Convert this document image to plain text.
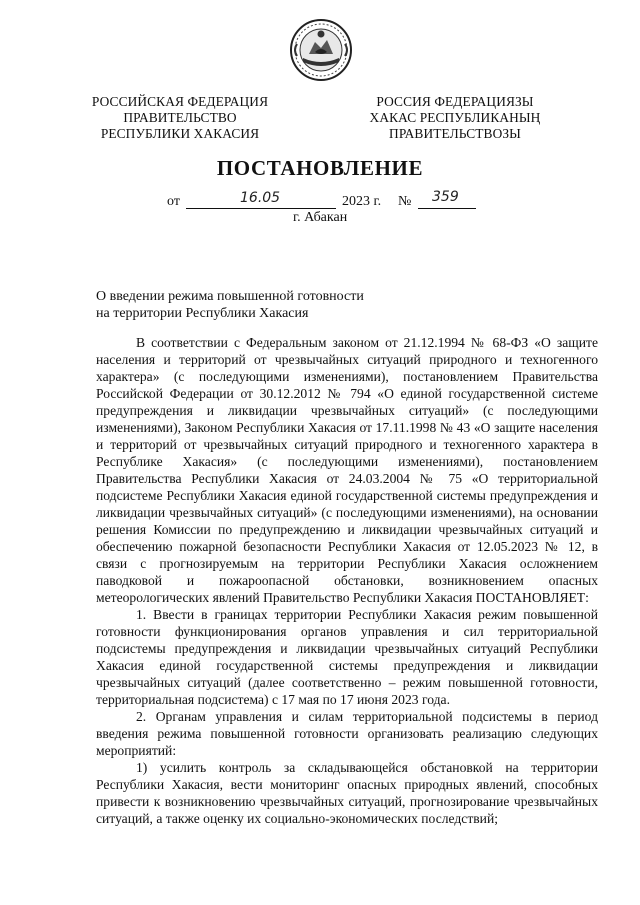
РОССИЙСКАЯ ФЕДЕРАЦИЯ
ПРАВИТЕЛЬСТВО
РЕСПУБЛИКИ ХАКАСИЯ
РОССИЯ ФЕДЕРАЦИЯЗЫ
ХАКАС РЕСПУБЛИКАНЫҢ
ПРАВИТЕЛЬСТВОЗЫ
ПОСТАНОВЛЕНИЕ
от	16.05	2023 г. № 359
г. Абакан
О введении режима повышенной готовности
на территории Республики Хакасия

В соответствии с Федеральным законом от 21.12.1994 № 68-ФЗ «О защите населения и территорий от чрезвычайных ситуаций природного и техногенного характера» (с последующими изменениями), постановлением Правительства Российской Федерации от 30.12.2012 № 794 «О единой государственной системе предупреждения и ликвидации чрезвычайных ситуаций» (с последующими изменениями), Законом Республики Хакасия от 17.11.1998 № 43 «О защите населения и территорий от чрезвычайных ситуаций природного и техногенного характера в Республике Хакасия» (с последующими изменениями), постановлением Правительства Республики Хакасия от 24.03.2004 № 75 «О территориальной подсистеме Республики Хакасия единой государственной системы предупреждения и ликвидации чрезвычайных ситуаций» (с последующими изменениями), на основании решения Комиссии по предупреждению и ликвидации чрезвычайных ситуаций и обеспечению пожарной безопасности Республики Хакасия от 12.05.2023 № 12, в связи с прогнозируемым на территории Республики Хакасия осложнением паводковой и пожароопасной обстановки, возникновением опасных метеорологических явлений Правительство Республики Хакасия ПОСТАНОВЛЯЕТ:

1. Ввести в границах территории Республики Хакасия режим повышенной готовности функционирования органов управления и сил территориальной подсистемы предупреждения и ликвидации чрезвычайных ситуаций Республики Хакасия единой государственной системы предупреждения и ликвидации чрезвычайных ситуаций (далее соответственно – режим повышенной готовности, территориальная подсистема) с 17 мая по 17 июня 2023 года.

2. Органам управления и силам территориальной подсистемы в период введения режима повышенной готовности организовать реализацию следующих мероприятий:

1) усилить контроль за складывающейся обстановкой на территории Республики Хакасия, вести мониторинг опасных природных явлений, способных привести к возникновению чрезвычайных ситуаций, прогнозирование чрезвычайных ситуаций, а также оценку их социально-экономических последствий;
